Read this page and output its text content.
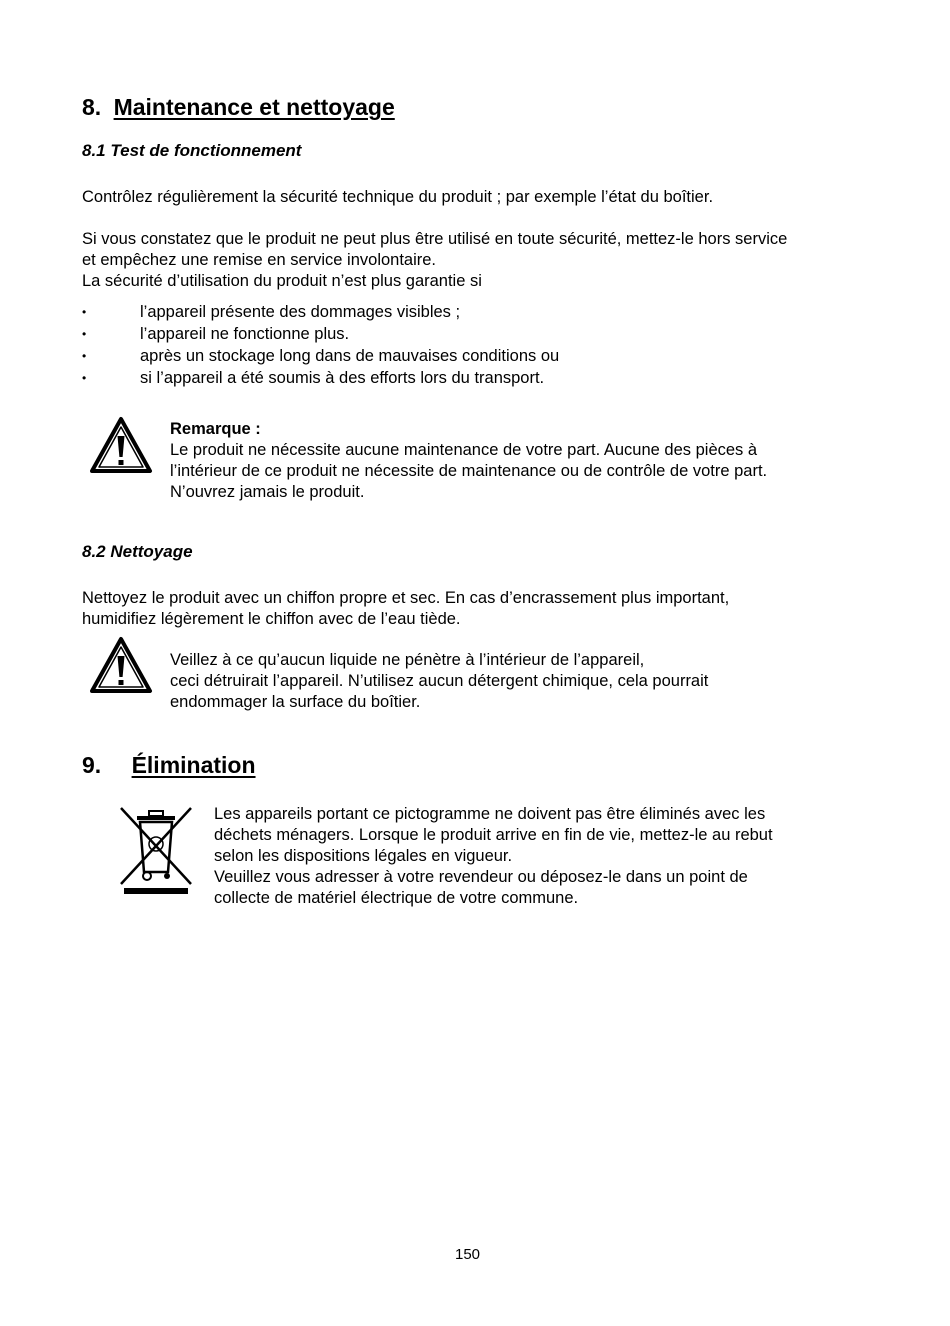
8. Maintenance et nettoyage
8.1 Test de fonctionnement
Contrôlez régulièrement la sécurité technique du produit ; par exemple l’état du boîtier.
Si vous constatez que le produit ne peut plus être utilisé en toute sécurité, mettez-le hors service
et empêchez une remise en service involontaire.
La sécurité d’utilisation du produit n’est plus garantie si
•	l’appareil présente des dommages visibles ;
•	l’appareil ne fonctionne plus.
•	après un stockage long dans de mauvaises conditions ou
•	si l’appareil a été soumis à des efforts lors du transport.
Remarque :
Le produit ne nécessite aucune maintenance de votre part. Aucune des pièces à
l’intérieur de ce produit ne nécessite de maintenance ou de contrôle de votre part.
N’ouvrez jamais le produit.
8.2 Nettoyage
Nettoyez le produit avec un chiffon propre et sec. En cas d’encrassement plus important,
humidifiez légèrement le chiffon avec de l’eau tiède.
Veillez à ce qu’aucun liquide ne pénètre à l’intérieur de l’appareil,
ceci détruirait l’appareil. N’utilisez aucun détergent chimique, cela pourrait
endommager la surface du boîtier.
9. Élimination
Les appareils portant ce pictogramme ne doivent pas être éliminés avec les
déchets ménagers. Lorsque le produit arrive en fin de vie, mettez-le au rebut
selon les dispositions légales en vigueur.
Veuillez vous adresser à votre revendeur ou déposez-le dans un point de
collecte de matériel électrique de votre commune.
150
